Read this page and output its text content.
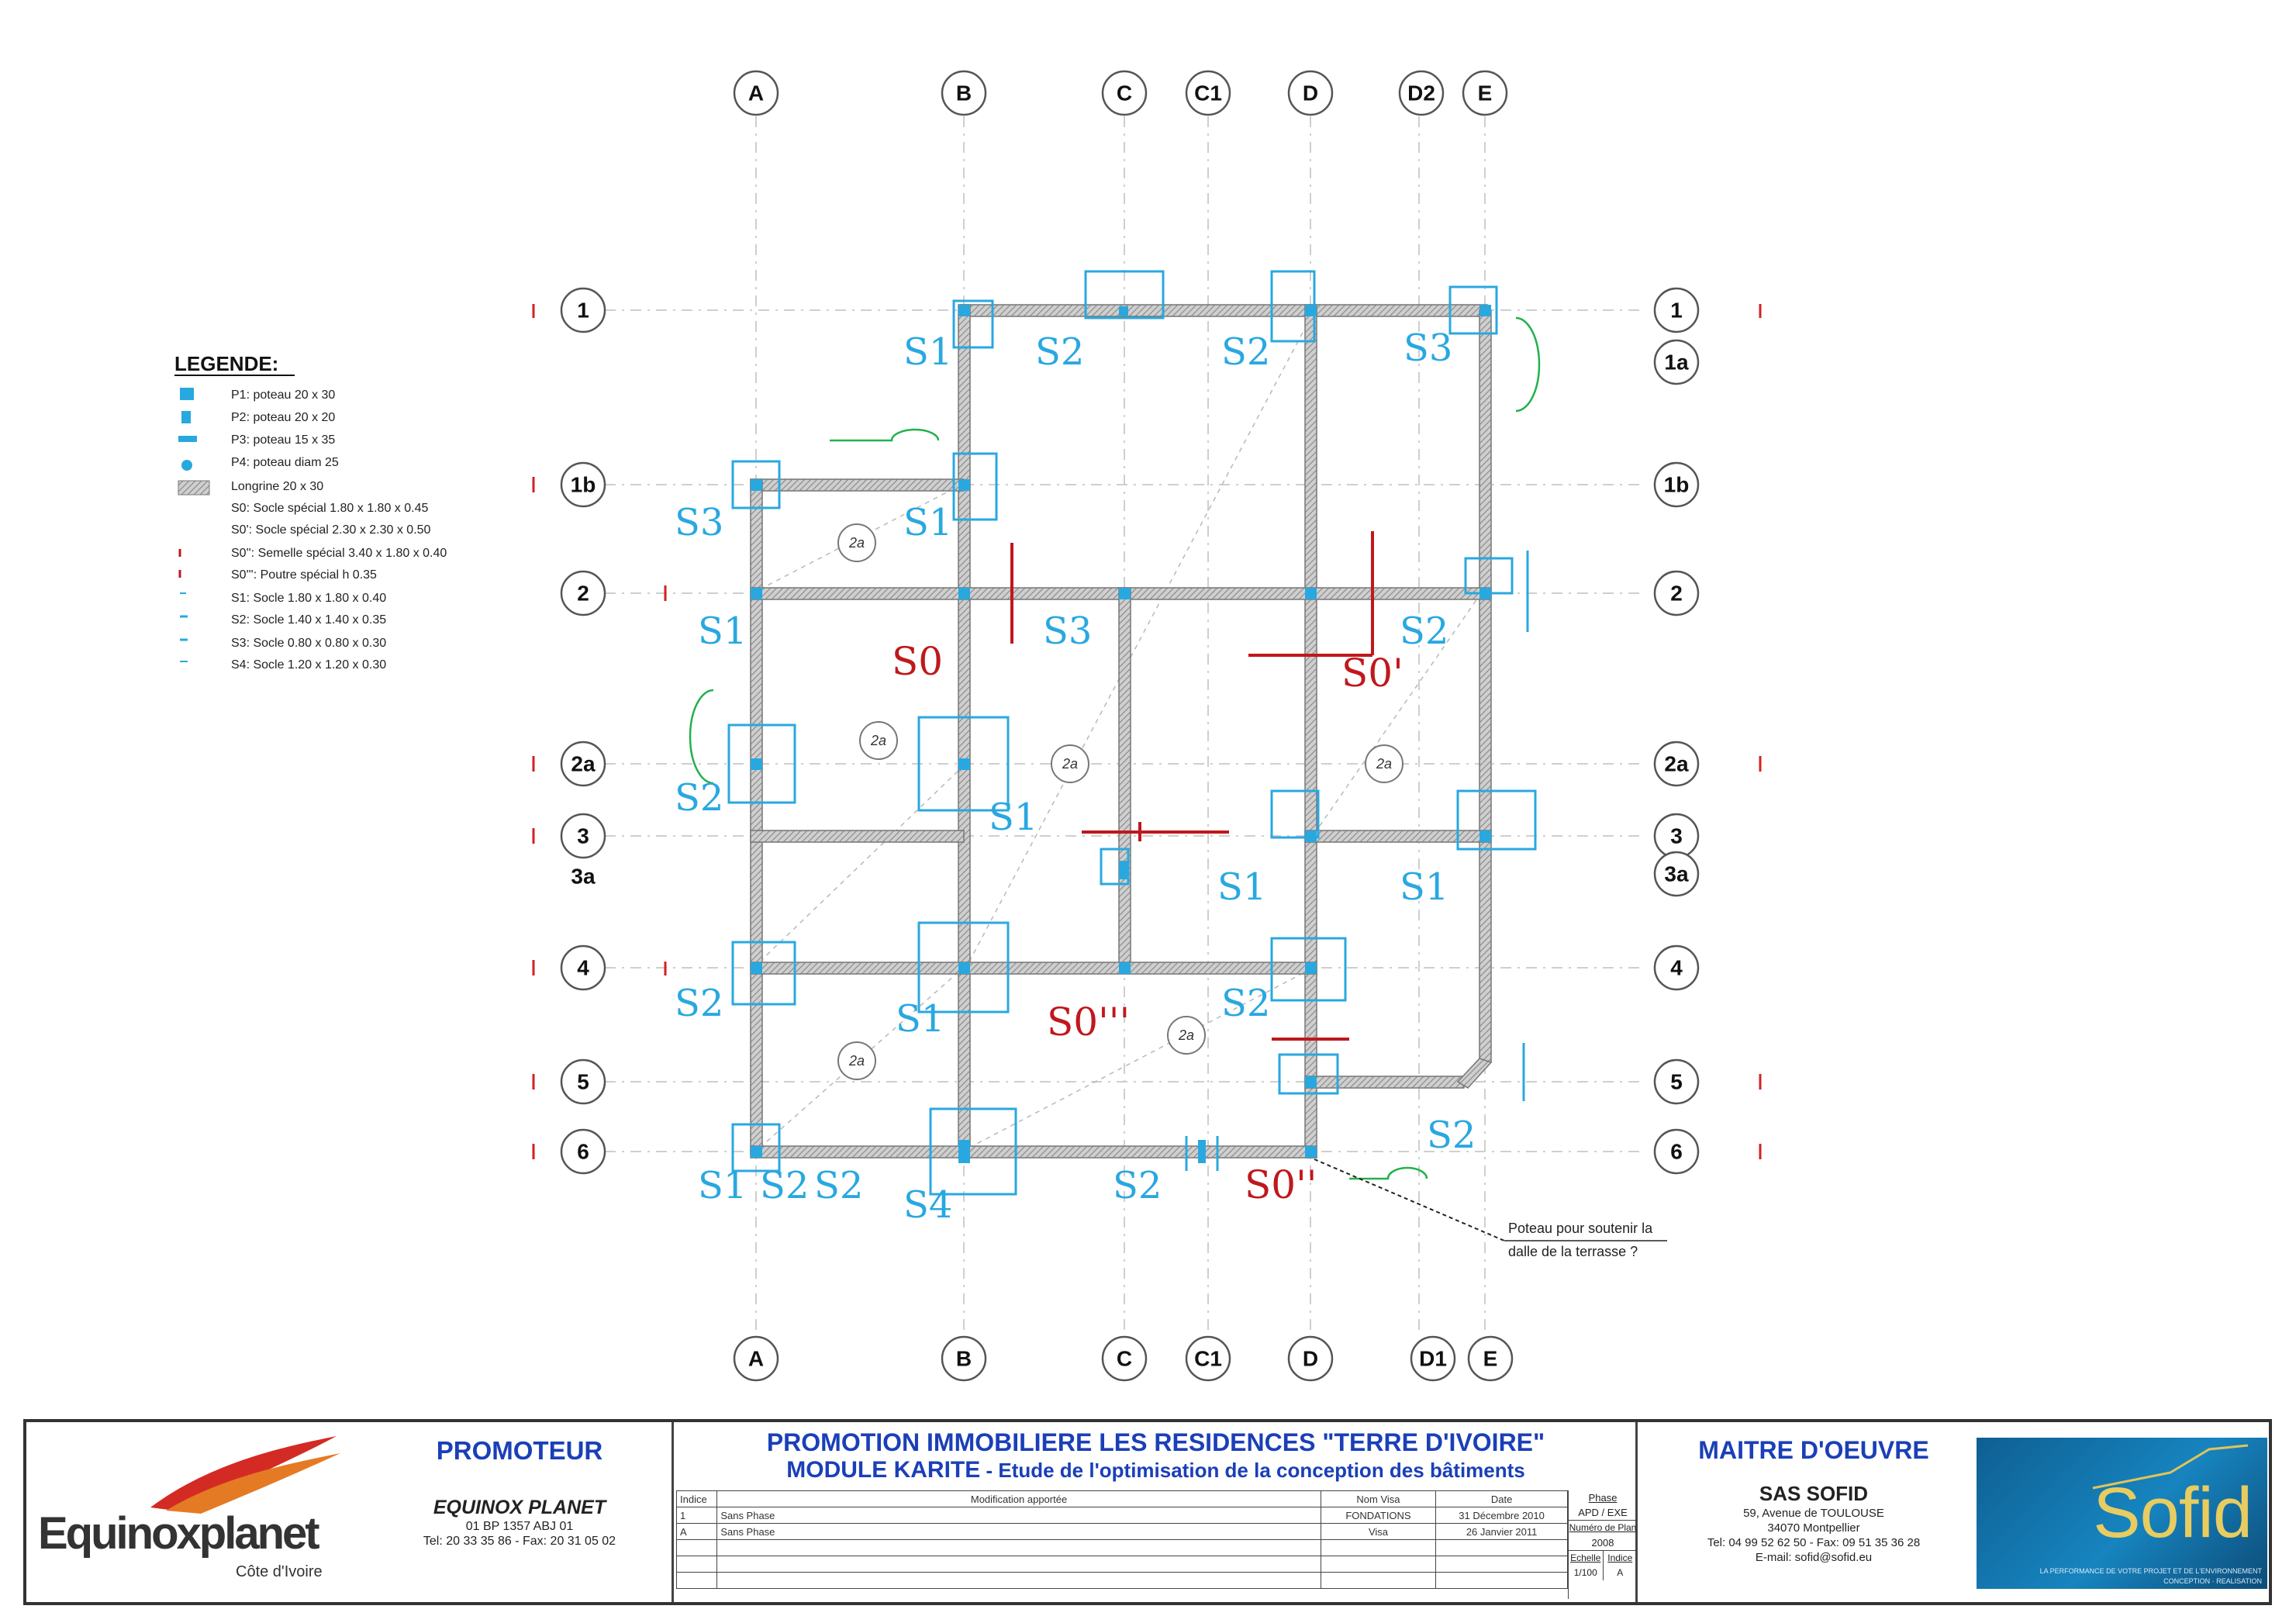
Poteau pour soutenir la
dalle de la terrasse ?
2a
2a
2a	2a
2a
2a
S1 S2	S2	S3
S3	S1
S1	S3	S2
S2	S1
S1	S1
S2	S1	S2
S2
S2
S1 S2 S2 S4
S0	S0'
S0'''
S0''
A	B	C	C1	D	D2 E
A	B	C	C1	D	D1 E
1
1b
2
2a
3
3a
4
5
6
1
1a
1b
2
2a
3
3a
4
5
6
LEGENDE:
P1: poteau 20 x 30
P2: poteau 20 x 20
P3: poteau 15 x 35
P4: poteau diam 25
Longrine 20 x 30
S0: Socle spécial 1.80 x 1.80 x 0.45
S0': Socle spécial 2.30 x 2.30 x 0.50
S0'': Semelle spécial 3.40 x 1.80 x 0.40
S0''': Poutre spécial h 0.35
S1: Socle 1.80 x 1.80 x 0.40
S2: Socle 1.40 x 1.40 x 0.35
S3: Socle 0.80 x 0.80 x 0.30
S4: Socle 1.20 x 1.20 x 0.30
Equinoxplanet
Côte d'Ivoire
PROMOTEUR
EQUINOX PLANET
01 BP 1357 ABJ 01
Tel: 20 33 35 86 - Fax: 20 31 05 02
PROMOTION IMMOBILIERE LES RESIDENCES "TERRE D'IVOIRE"
MODULE KARITE - Etude de l'optimisation de la conception des bâtiments
Indice	Modification apportée	Nom Visa	Date
1	Sans Phase	FONDATIONS	31 Décembre 2010
A	Sans Phase	Visa	26 Janvier 2011

Phase
APD / EXE
Numéro de Plan
2008
Echelle
1/100
Indice
A
MAITRE D'OEUVRE
SAS SOFID
59, Avenue de TOULOUSE
34070 Montpellier
Tel: 04 99 52 62 50 - Fax: 09 51 35 36 28
E-mail: sofid@sofid.eu
Sofid
LA PERFORMANCE DE VOTRE PROJET ET DE L'ENVIRONNEMENT
CONCEPTION · REALISATION
